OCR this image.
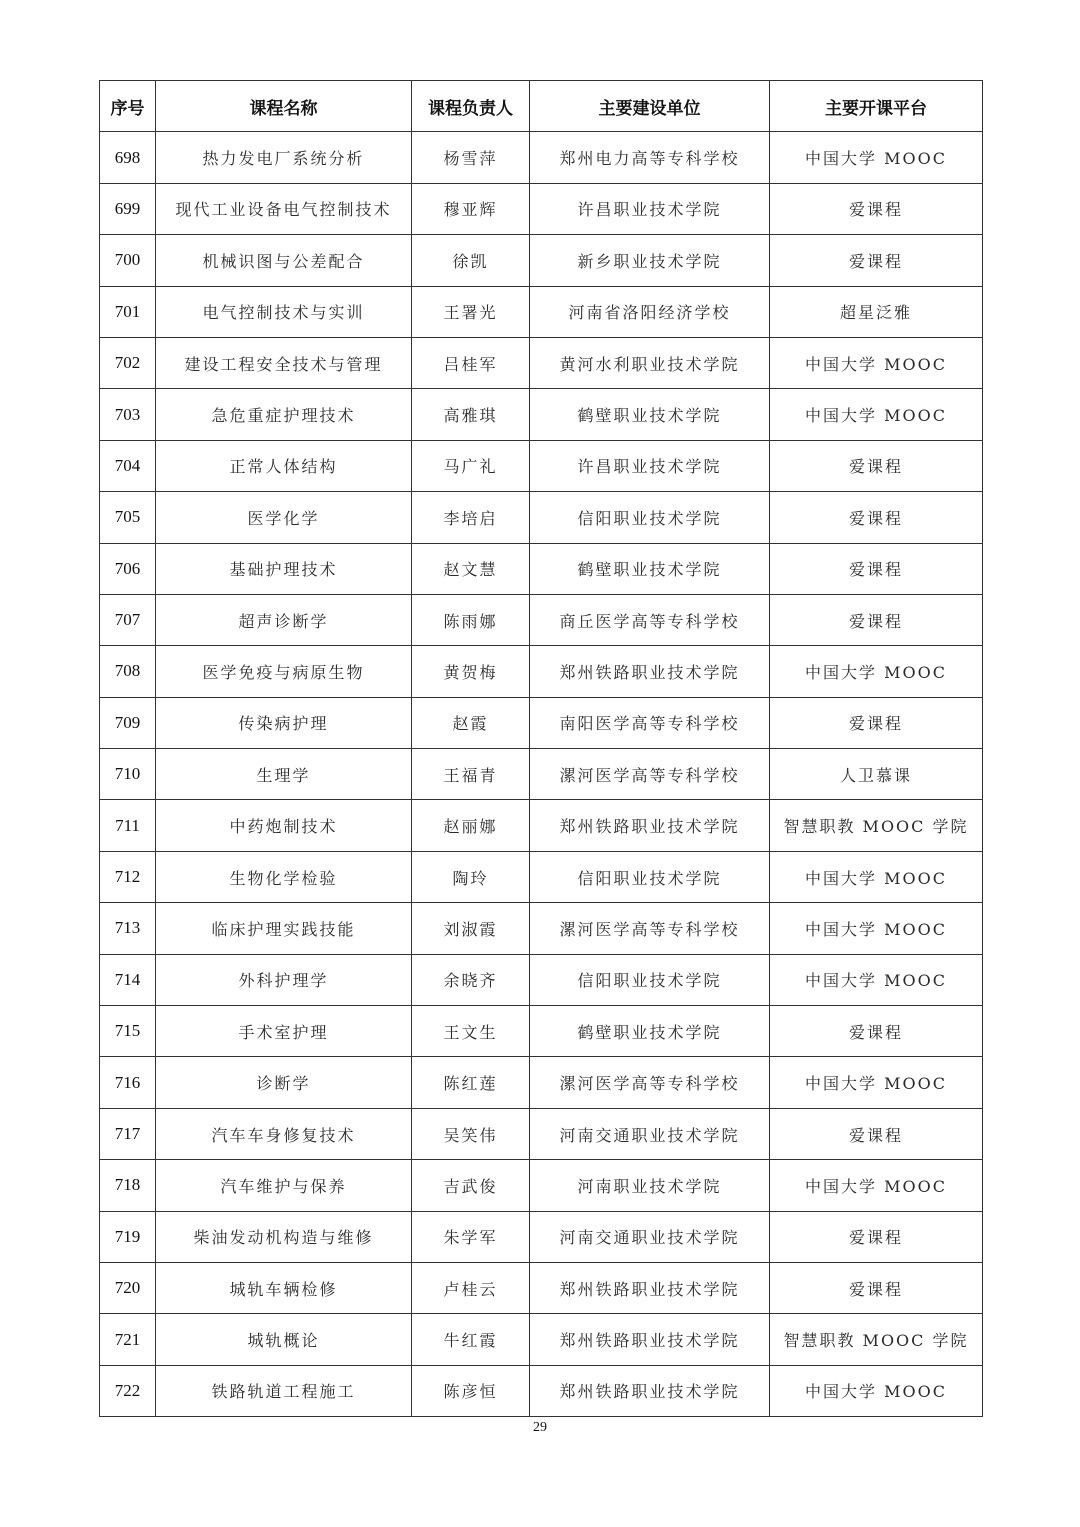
序号	课程名称	课程负责人	主要建设单位	主要开课平台
698	热力发电厂系统分析	杨雪萍	郑州电力高等专科学校	中国大学 MOOC
699	现代工业设备电气控制技术	穆亚辉	许昌职业技术学院	爱课程
700	机械识图与公差配合	徐凯	新乡职业技术学院	爱课程
701	电气控制技术与实训	王署光	河南省洛阳经济学校	超星泛雅
702	建设工程安全技术与管理	吕桂军	黄河水利职业技术学院	中国大学 MOOC
703	急危重症护理技术	高雅琪	鹤壁职业技术学院	中国大学 MOOC
704	正常人体结构	马广礼	许昌职业技术学院	爱课程
705	医学化学	李培启	信阳职业技术学院	爱课程
706	基础护理技术	赵文慧	鹤壁职业技术学院	爱课程
707	超声诊断学	陈雨娜	商丘医学高等专科学校	爱课程
708	医学免疫与病原生物	黄贺梅	郑州铁路职业技术学院	中国大学 MOOC
709	传染病护理	赵霞	南阳医学高等专科学校	爱课程
710	生理学	王福青	漯河医学高等专科学校	人卫慕课
711	中药炮制技术	赵丽娜	郑州铁路职业技术学院	智慧职教 MOOC 学院
712	生物化学检验	陶玲	信阳职业技术学院	中国大学 MOOC
713	临床护理实践技能	刘淑霞	漯河医学高等专科学校	中国大学 MOOC
714	外科护理学	余晓齐	信阳职业技术学院	中国大学 MOOC
715	手术室护理	王文生	鹤壁职业技术学院	爱课程
716	诊断学	陈红莲	漯河医学高等专科学校	中国大学 MOOC
717	汽车车身修复技术	吴笑伟	河南交通职业技术学院	爱课程
718	汽车维护与保养	吉武俊	河南职业技术学院	中国大学 MOOC
719	柴油发动机构造与维修	朱学军	河南交通职业技术学院	爱课程
720	城轨车辆检修	卢桂云	郑州铁路职业技术学院	爱课程
721	城轨概论	牛红霞	郑州铁路职业技术学院	智慧职教 MOOC 学院
722	铁路轨道工程施工	陈彦恒	郑州铁路职业技术学院	中国大学 MOOC
29
